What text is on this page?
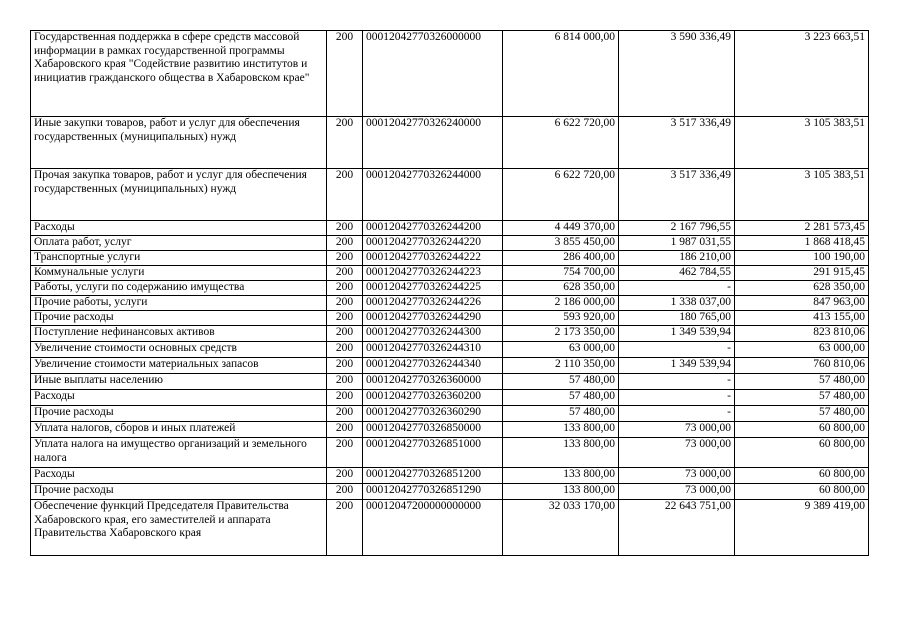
Государственная поддержка в сфере средств массовой информации в рамках государственной программы Хабаровского края "Содействие развитию институтов и инициатив гражданского общества в Хабаровском крае"	200	00012042770326000000	6 814 000,00	3 590 336,49	3 223 663,51
Иные закупки товаров, работ и услуг для обеспечения государственных (муниципальных) нужд	200	00012042770326240000	6 622 720,00	3 517 336,49	3 105 383,51
Прочая закупка товаров, работ и услуг для обеспечения государственных (муниципальных) нужд	200	00012042770326244000	6 622 720,00	3 517 336,49	3 105 383,51
Расходы	200	00012042770326244200	4 449 370,00	2 167 796,55	2 281 573,45
Оплата работ, услуг	200	00012042770326244220	3 855 450,00	1 987 031,55	1 868 418,45
Транспортные услуги	200	00012042770326244222	286 400,00	186 210,00	100 190,00
Коммунальные услуги	200	00012042770326244223	754 700,00	462 784,55	291 915,45
Работы, услуги по содержанию имущества	200	00012042770326244225	628 350,00	-	628 350,00
Прочие работы, услуги	200	00012042770326244226	2 186 000,00	1 338 037,00	847 963,00
Прочие расходы	200	00012042770326244290	593 920,00	180 765,00	413 155,00
Поступление нефинансовых активов	200	00012042770326244300	2 173 350,00	1 349 539,94	823 810,06
Увеличение стоимости основных средств	200	00012042770326244310	63 000,00	-	63 000,00
Увеличение стоимости материальных запасов	200	00012042770326244340	2 110 350,00	1 349 539,94	760 810,06
Иные выплаты населению	200	00012042770326360000	57 480,00	-	57 480,00
Расходы	200	00012042770326360200	57 480,00	-	57 480,00
Прочие расходы	200	00012042770326360290	57 480,00	-	57 480,00
Уплата налогов, сборов и иных платежей	200	00012042770326850000	133 800,00	73 000,00	60 800,00
Уплата налога на имущество организаций и земельного налога	200	00012042770326851000	133 800,00	73 000,00	60 800,00
Расходы	200	00012042770326851200	133 800,00	73 000,00	60 800,00
Прочие расходы	200	00012042770326851290	133 800,00	73 000,00	60 800,00
Обеспечение функций Председателя Правительства Хабаровского края, его заместителей и аппарата Правительства Хабаровского края	200	00012047200000000000	32 033 170,00	22 643 751,00	9 389 419,00
